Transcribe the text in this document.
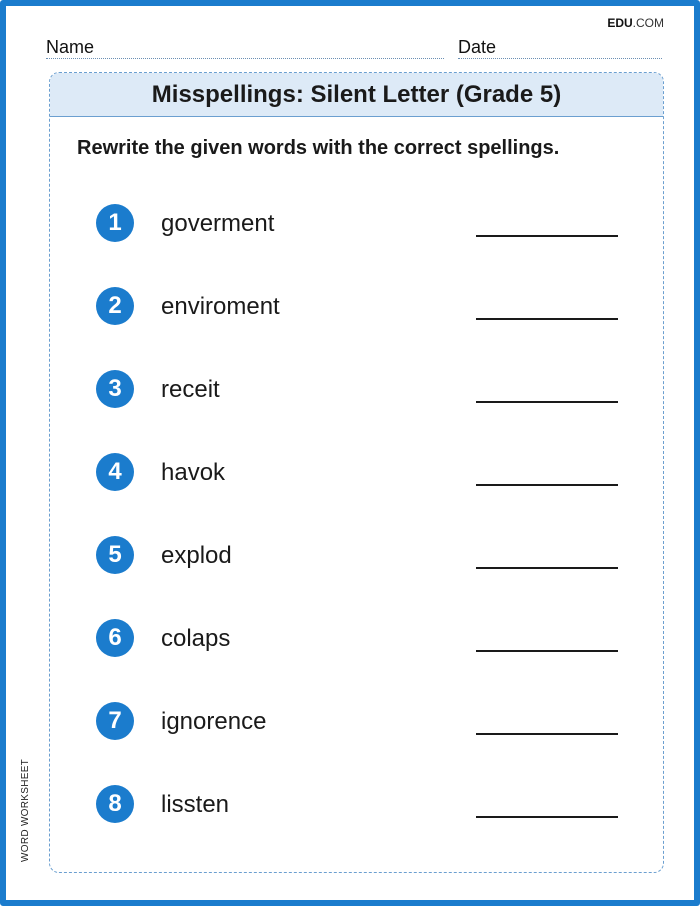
EDU.COM
Name	Date
Misspellings: Silent Letter (Grade 5)
Rewrite the given words with the correct spellings.
1	goverment
2	enviroment
3	receit
4	havok
5	explod
6	colaps
7	ignorence
8	lissten
WORD WORKSHEET
